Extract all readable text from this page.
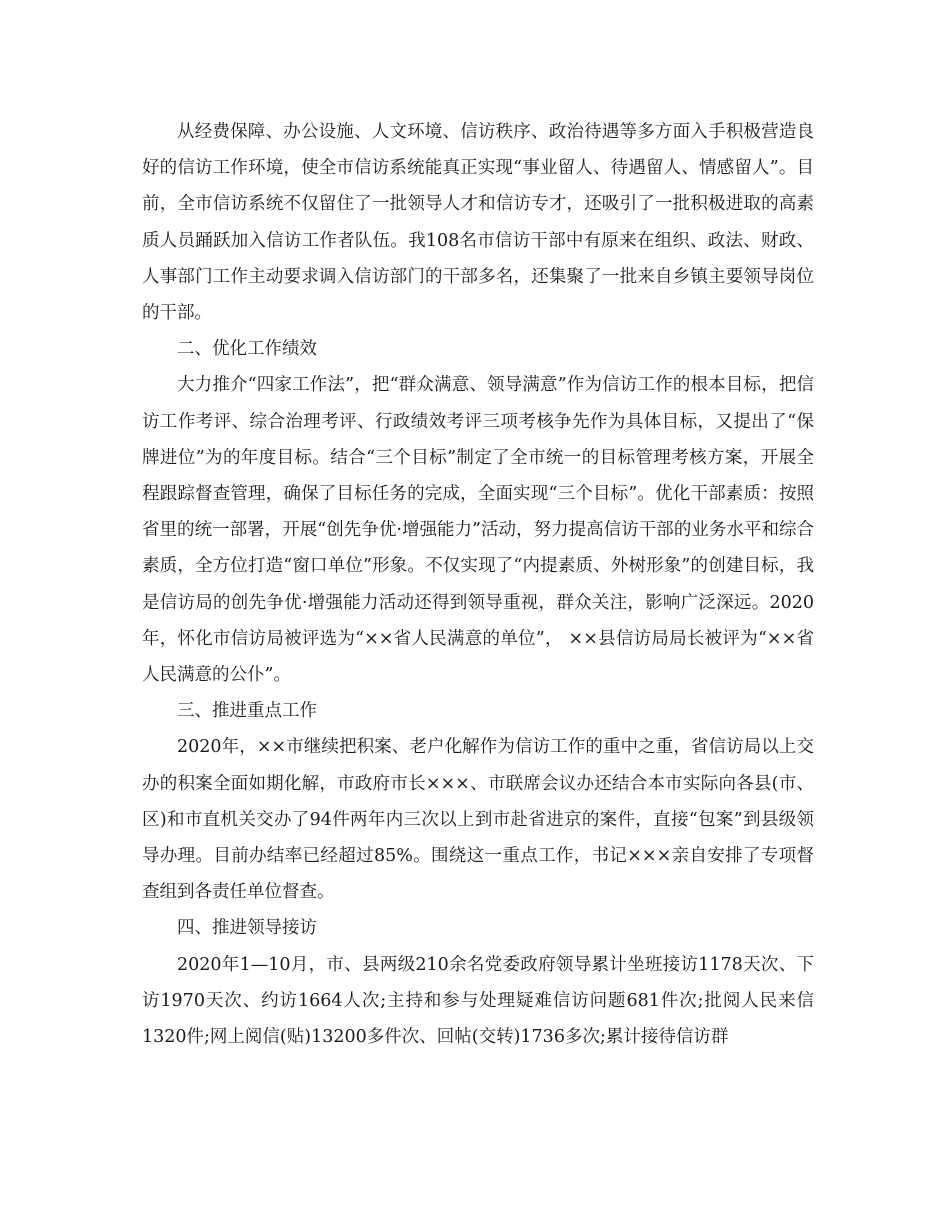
从经费保障、办公设施、人文环境、信访秩序、政治待遇等多方面入手积极营造良好的信访工作环境，使全市信访系统能真正实现“事业留人、待遇留人、情感留人”。目前，全市信访系统不仅留住了一批领导人才和信访专才，还吸引了一批积极进取的高素质人员踊跃加入信访工作者队伍。我108名市信访干部中有原来在组织、政法、财政、人事部门工作主动要求调入信访部门的干部多名，还集聚了一批来自乡镇主要领导岗位的干部。

二、优化工作绩效

大力推介“四家工作法”，把“群众满意、领导满意”作为信访工作的根本目标，把信访工作考评、综合治理考评、行政绩效考评三项考核争先作为具体目标，又提出了“保牌进位”为的年度目标。结合“三个目标”制定了全市统一的目标管理考核方案，开展全程跟踪督查管理，确保了目标任务的完成，全面实现“三个目标”。优化干部素质：按照省里的统一部署，开展“创先争优·增强能力”活动，努力提高信访干部的业务水平和综合素质，全方位打造“窗口单位”形象。不仅实现了“内提素质、外树形象”的创建目标，我是信访局的创先争优·增强能力活动还得到领导重视，群众关注，影响广泛深远。2020年，怀化市信访局被评选为“××省人民满意的单位”， ××县信访局局长被评为“××省人民满意的公仆”。

三、推进重点工作

2020年，××市继续把积案、老户化解作为信访工作的重中之重，省信访局以上交办的积案全面如期化解，市政府市长×××、市联席会议办还结合本市实际向各县(市、区)和市直机关交办了94件两年内三次以上到市赴省进京的案件，直接“包案”到县级领导办理。目前办结率已经超过85%。围绕这一重点工作，书记×××亲自安排了专项督查组到各责任单位督查。

四、推进领导接访

2020年1—10月，市、县两级210余名党委政府领导累计坐班接访1178天次、下访1970天次、约访1664人次;主持和参与处理疑难信访问题681件次;批阅人民来信1320件;网上阅信(贴)13200多件次、回帖(交转)1736多次;累计接待信访群
